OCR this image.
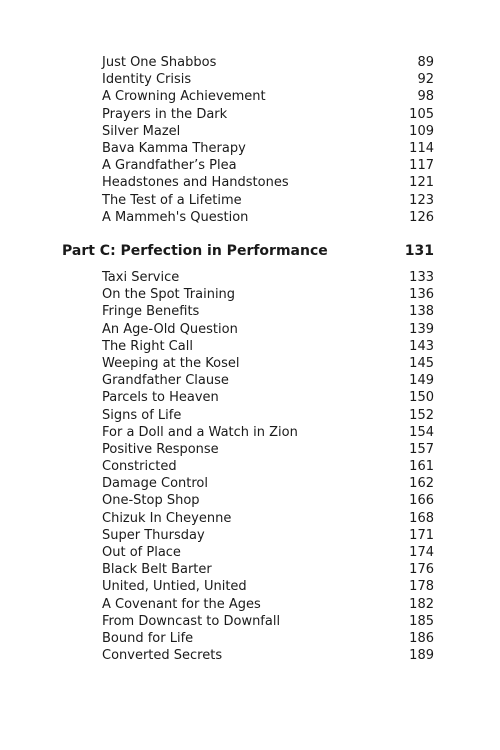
Just One Shabbos	89
Identity Crisis	92
A Crowning Achievement	98
Prayers in the Dark	105
Silver Mazel	109
Bava Kamma Therapy	114
A Grandfather’s Plea	117
Headstones and Handstones	121
The Test of a Lifetime	123
A Mammeh's Question	126
Part C: Perfection in Performance	131
Taxi Service	133
On the Spot Training	136
Fringe Benefits	138
An Age-Old Question	139
The Right Call	143
Weeping at the Kosel	145
Grandfather Clause	149
Parcels to Heaven	150
Signs of Life	152
For a Doll and a Watch in Zion	154
Positive Response	157
Constricted	161
Damage Control	162
One-Stop Shop	166
Chizuk In Cheyenne	168
Super Thursday	171
Out of Place	174
Black Belt Barter	176
United, Untied, United	178
A Covenant for the Ages	182
From Downcast to Downfall	185
Bound for Life	186
Converted Secrets	189
